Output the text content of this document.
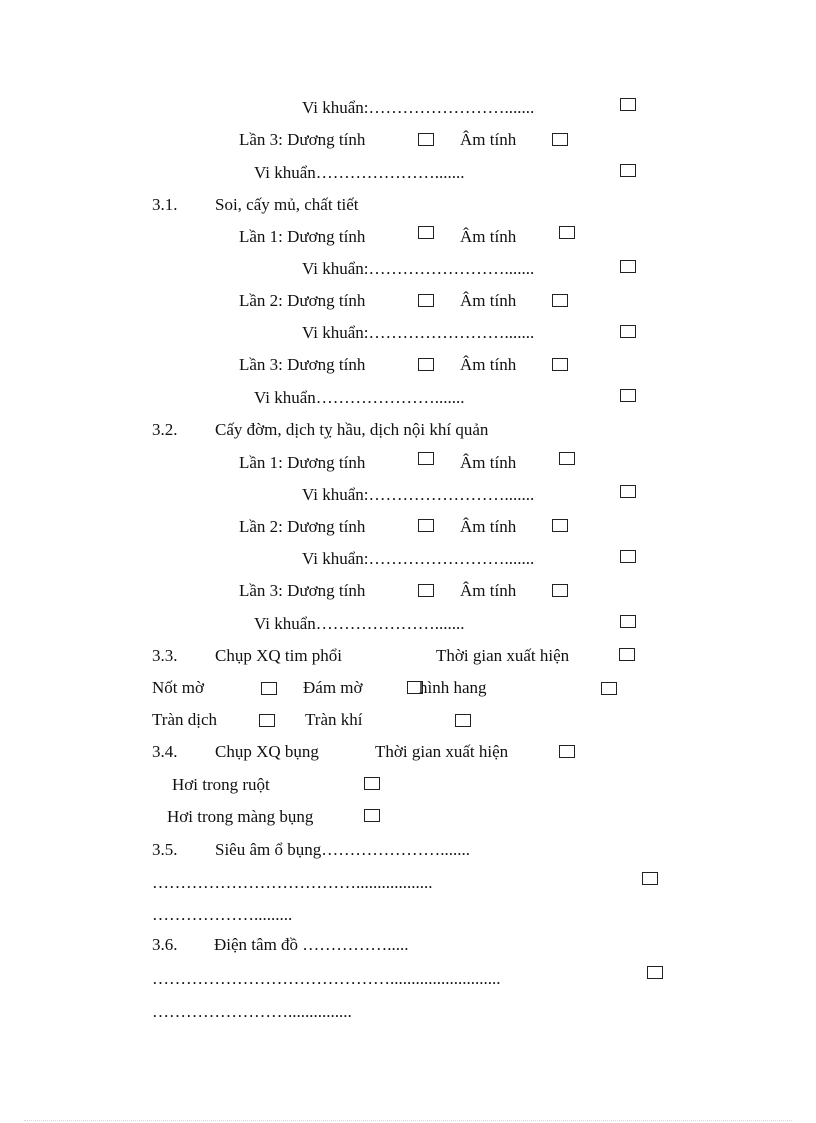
Vi khuẩn:…………………….......
Lần 3: Dương tính	Âm tính
Vi khuẩn………………….......
3.1. Soi, cấy mủ, chất tiết
Lần 1: Dương tính	Âm tính
Vi khuẩn:…………………….......
Lần 2: Dương tính	Âm tính
Vi khuẩn:…………………….......
Lần 3: Dương tính	Âm tính
Vi khuẩn………………….......
3.2. Cấy đờm, dịch tỵ hầu, dịch nội khí quản
Lần 1: Dương tính	Âm tính
Vi khuẩn:…………………….......
Lần 2: Dương tính	Âm tính
Vi khuẩn:…………………….......
Lần 3: Dương tính	Âm tính
Vi khuẩn………………….......
3.3. Chụp XQ tim phổi	Thời gian xuất hiện
Nốt mờ	Đám mờ	hình hang
Tràn dịch	Tràn khí
3.4. Chụp XQ bụng	Thời gian xuất hiện
Hơi trong ruột
Hơi trong màng bụng
3.5. Siêu âm ổ bụng………………….......
………………………………..................
……………….........
3.6. Điện tâm đồ …………….....
……………………………………..........................
……………………...............
